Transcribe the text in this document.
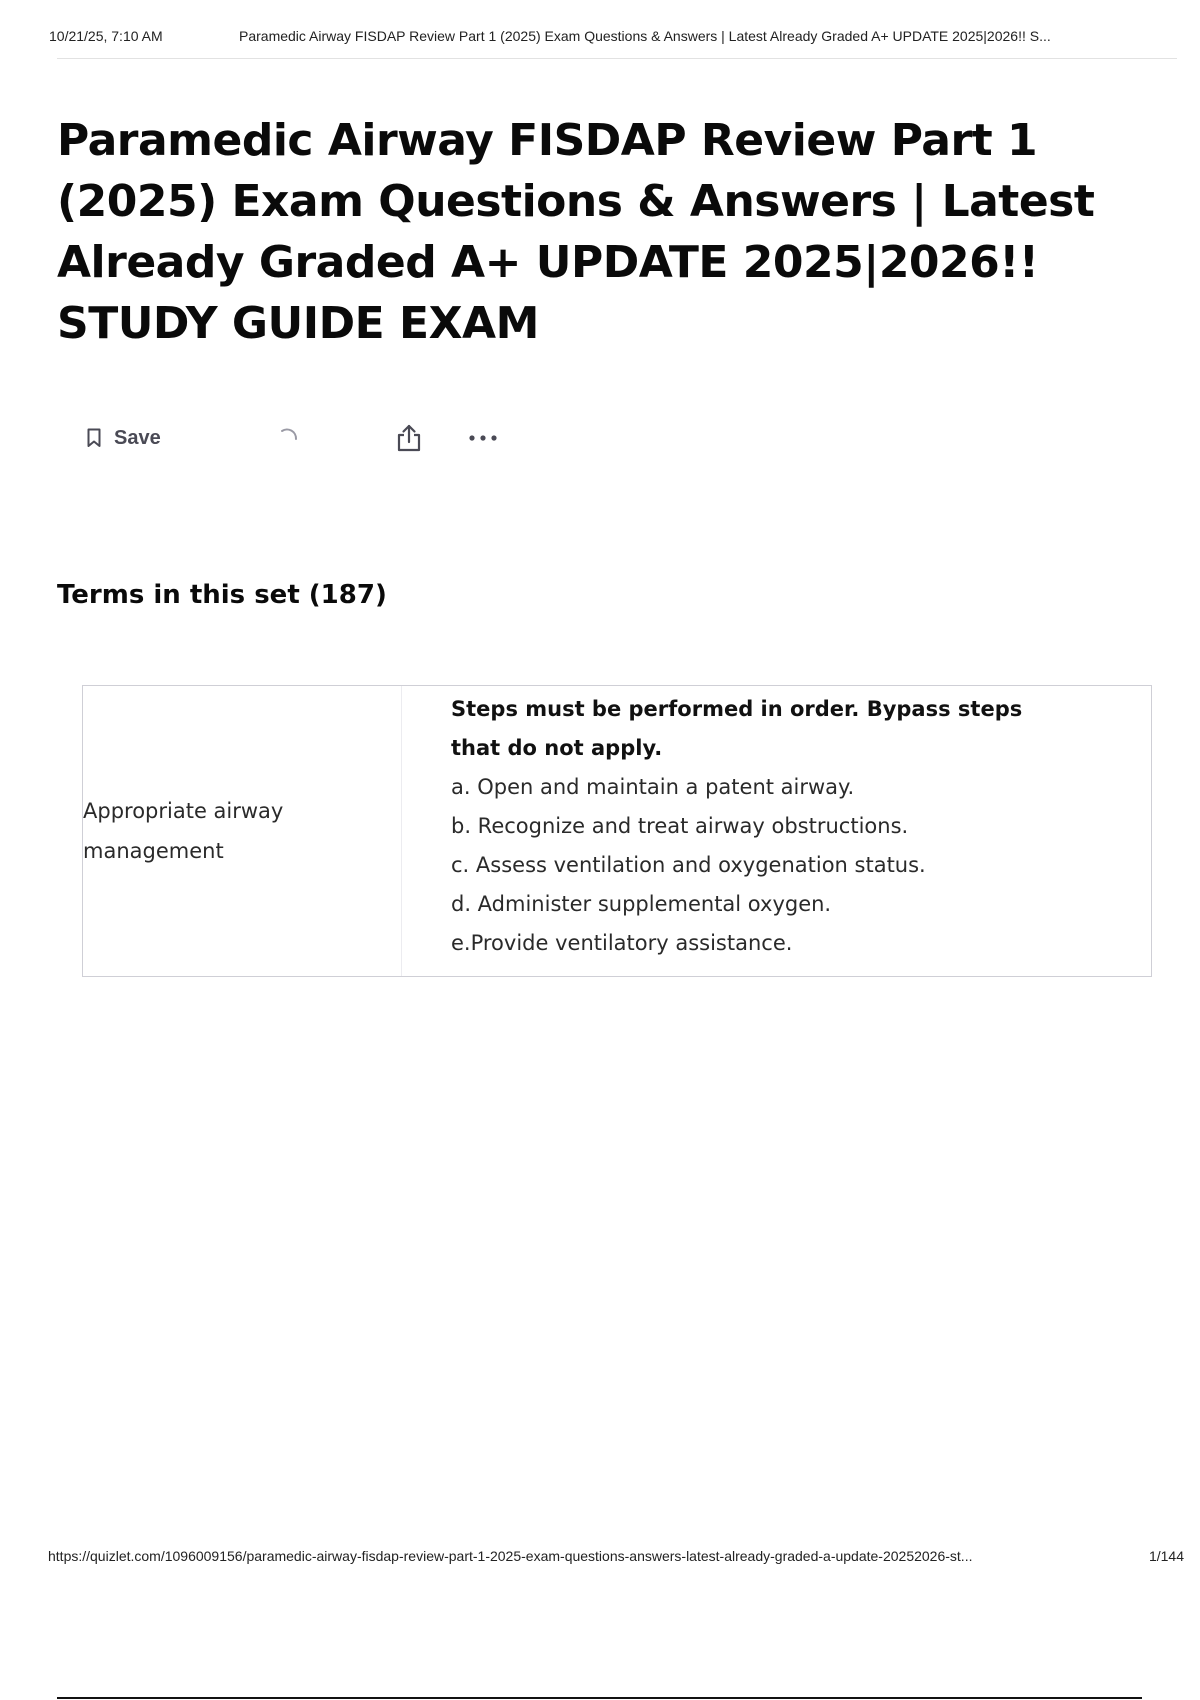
10/21/25, 7:10 AM	Paramedic Airway FISDAP Review Part 1 (2025) Exam Questions & Answers | Latest Already Graded A+ UPDATE 2025|2026!! S...
Paramedic Airway FISDAP Review Part 1 (2025) Exam Questions & Answers | Latest Already Graded A+ UPDATE 2025|2026!! STUDY GUIDE EXAM
Save
Terms in this set (187)
Appropriate airway management
Steps must be performed in order. Bypass steps that do not apply.
a. Open and maintain a patent airway.
b. Recognize and treat airway obstructions.
c. Assess ventilation and oxygenation status.
d. Administer supplemental oxygen.
e.Provide ventilatory assistance.
https://quizlet.com/1096009156/paramedic-airway-fisdap-review-part-1-2025-exam-questions-answers-latest-already-graded-a-update-20252026-st...	1/144
